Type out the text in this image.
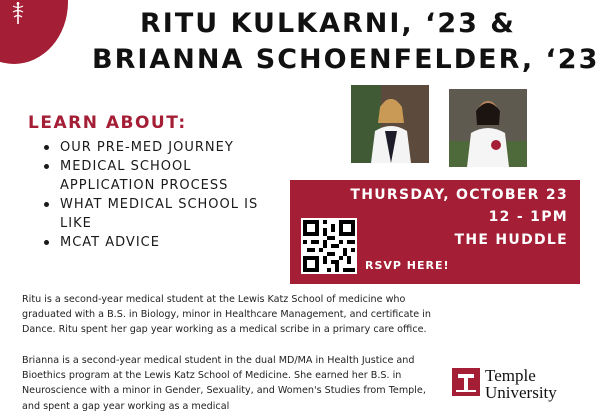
RITU KULKARNI, ‘23 &
BRIANNA SCHOENFELDER, ‘23
LEARN ABOUT:
OUR PRE-MED JOURNEY
MEDICAL SCHOOL APPLICATION PROCESS
WHAT MEDICAL SCHOOL IS LIKE
MCAT ADVICE
THURSDAY, OCTOBER 23
12 - 1PM
THE HUDDLE
RSVP HERE!

Ritu is a second-year medical student at the Lewis Katz School of medicine who graduated with a B.S. in Biology, minor in Healthcare Management, and certificate in Dance. Ritu spent her gap year working as a medical scribe in a primary care office.

Brianna is a second-year medical student in the dual MD/MA in Health Justice and Bioethics program at the Lewis Katz School of Medicine. She earned her B.S. in Neuroscience with a minor in Gender, Sexuality, and Women's Studies from Temple, and spent a gap year working as a medical

Temple
University
